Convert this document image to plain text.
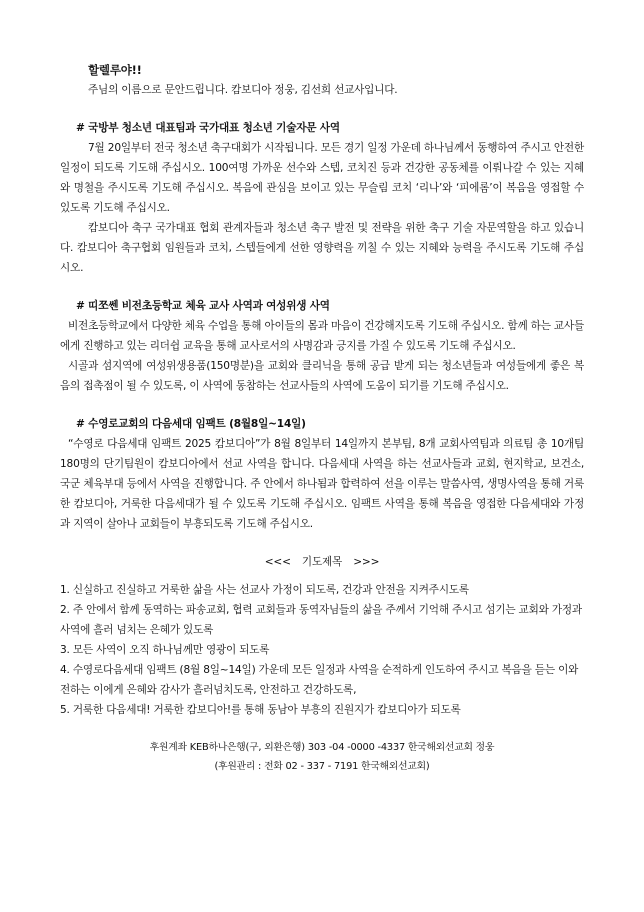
할렐루야!!

주님의 이름으로 문안드립니다. 캄보디아 정웅, 김선희 선교사입니다.

# 국방부 청소년 대표팀과 국가대표 청소년 기술자문 사역

7월 20일부터 전국 청소년 축구대회가 시작됩니다. 모든 경기 일정 가운데 하나님께서 동행하여 주시고 안전한 일정이 되도록 기도해 주십시오. 100여명 가까운 선수와 스텝, 코치진 등과 건강한 공동체를 이뤄나갈 수 있는 지혜와 명철을 주시도록 기도해 주십시오. 복음에 관심을 보이고 있는 무슬림 코치 ‘리나’와 ‘피에롬’이 복음을 영접할 수 있도록 기도해 주십시오.

캄보디아 축구 국가대표 협회 관계자들과 청소년 축구 발전 및 전략을 위한 축구 기술 자문역할을 하고 있습니다. 캄보디아 축구협회 임원들과 코치, 스텝들에게 선한 영향력을 끼칠 수 있는 지혜와 능력을 주시도록 기도해 주십시오.

# 띠쪼쎈 비전초등학교 체육 교사 사역과 여성위생 사역

비전초등학교에서 다양한 체육 수업을 통해 아이들의 몸과 마음이 건강해지도록 기도해 주십시오. 함께 하는 교사들에게 진행하고 있는 리더쉽 교육을 통해 교사로서의 사명감과 긍지를 가질 수 있도록 기도해 주십시오.

시골과 섬지역에 여성위생용품(150명분)을 교회와 클리닉을 통해 공급 받게 되는 청소년들과 여성들에게 좋은 복음의 접촉점이 될 수 있도록, 이 사역에 동참하는 선교사들의 사역에 도움이 되기를 기도해 주십시오.

# 수영로교회의 다음세대 임팩트 (8월8일~14일)

“수영로 다음세대 임팩트 2025 캄보디아”가 8월 8일부터 14일까지 본부팀, 8개 교회사역팀과 의료팀 총 10개팀 180명의 단기팀원이 캄보디아에서 선교 사역을 합니다. 다음세대 사역을 하는 선교사들과 교회, 현지학교, 보건소, 국군 체육부대 등에서 사역을 진행합니다. 주 안에서 하나됨과 합력하여 선을 이루는 말씀사역, 생명사역을 통해 거룩한 캄보디아, 거룩한 다음세대가 될 수 있도록 기도해 주십시오. 임팩트 사역을 통해 복음을 영접한 다음세대와 가정과 지역이 살아나 교회들이 부흥되도록 기도해 주십시오.

<<< 기도제목 >>>

1. 신실하고 진실하고 거룩한 삶을 사는 선교사 가정이 되도록, 건강과 안전을 지켜주시도록

2. 주 안에서 함께 동역하는 파송교회, 협력 교회들과 동역자님들의 삶을 주께서 기억해 주시고 섬기는 교회와 가정과 사역에 흘러 넘치는 은혜가 있도록

3. 모든 사역이 오직 하나님께만 영광이 되도록

4. 수영로다음세대 임팩트 (8월 8일~14일) 가운데 모든 일정과 사역을 순적하게 인도하여 주시고 복음을 듣는 이와 전하는 이에게 은혜와 감사가 흘러넘치도록, 안전하고 건강하도록,

5. 거룩한 다음세대! 거룩한 캄보디아!를 통해 동남아 부흥의 진원지가 캄보디아가 되도록

후원계좌 KEB하나은행(구, 외환은행) 303 -04 -0000 -4337 한국해외선교회 정웅

(후원관리 : 전화 02 - 337 - 7191 한국해외선교회)
